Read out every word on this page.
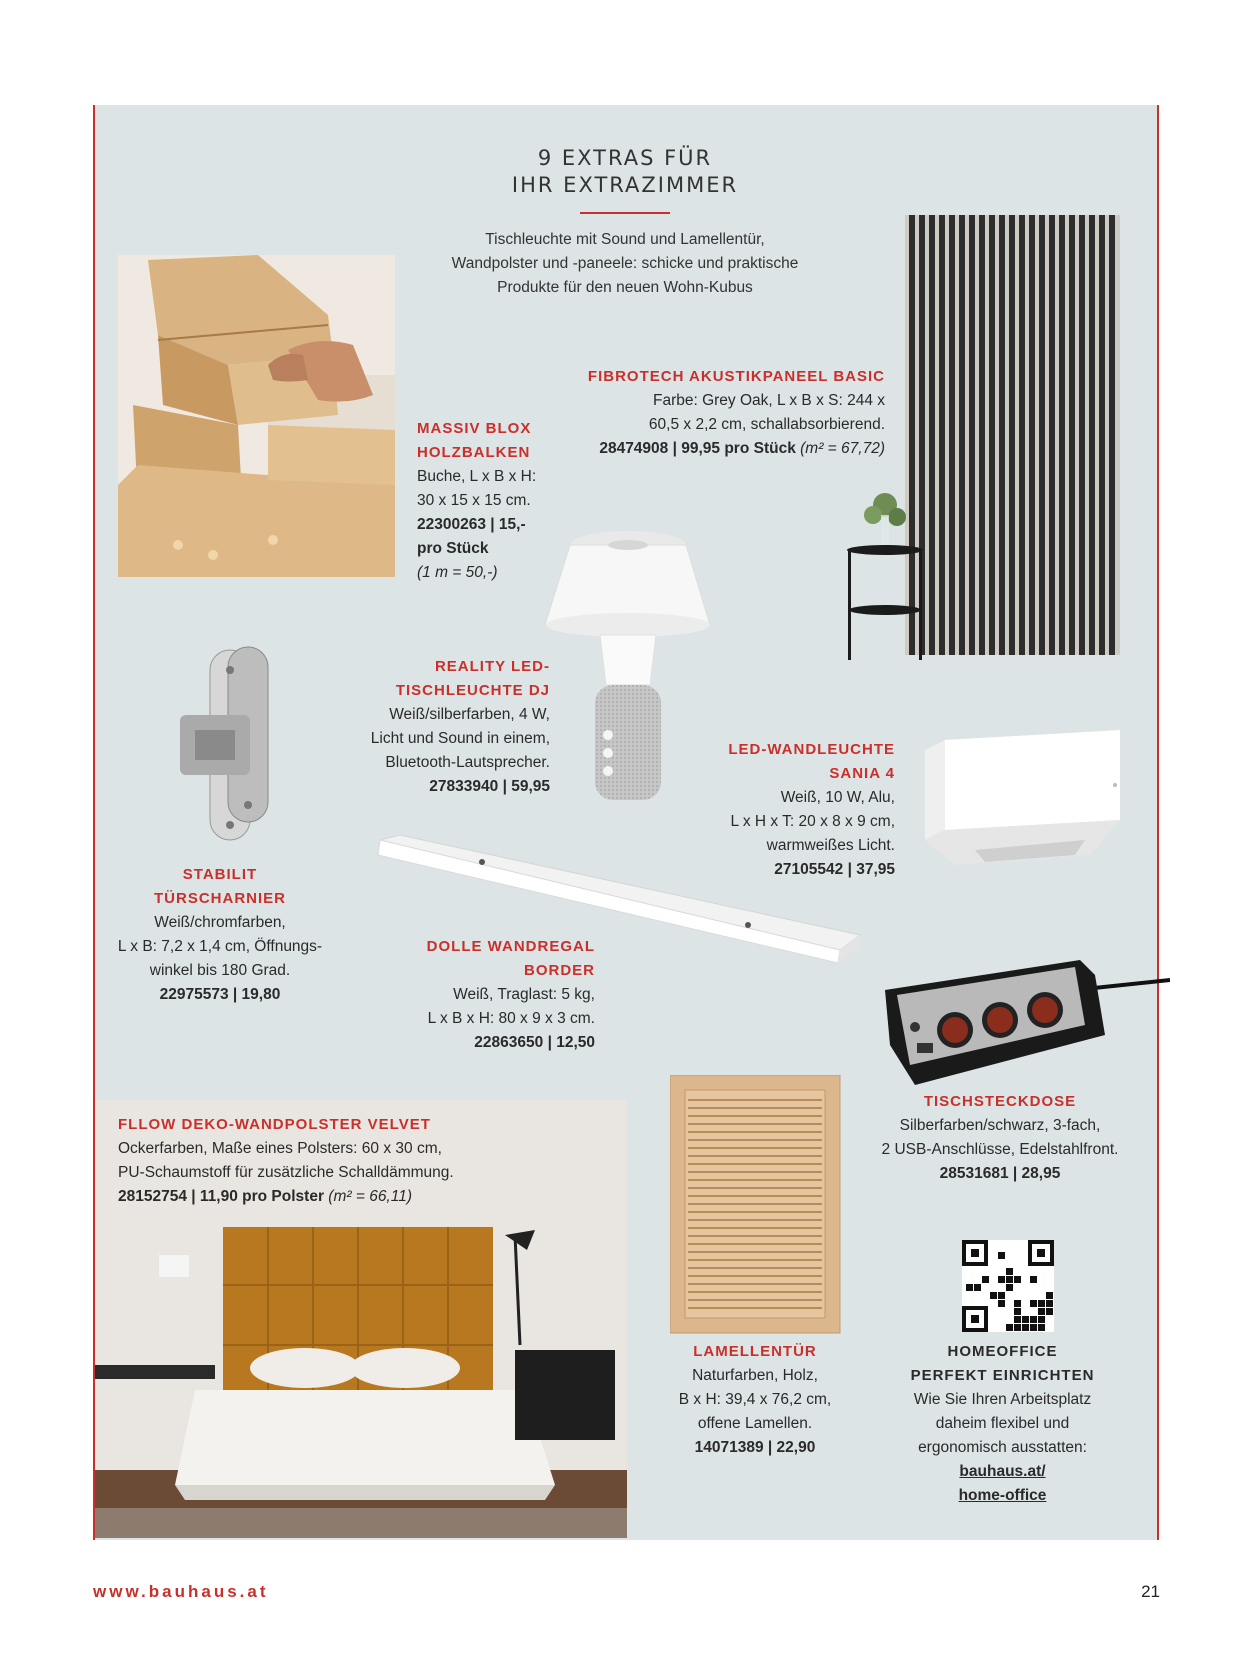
9 EXTRAS FÜR
IHR EXTRAZIMMER
Tischleuchte mit Sound und Lamellentür,
Wandpolster und -paneele: schicke und praktische
Produkte für den neuen Wohn-Kubus
MASSIV BLOX
HOLZBALKEN
Buche, L x B x H:
30 x 15 x 15 cm.
22300263 | 15,-
pro Stück
(1 m = 50,-)
FIBROTECH AKUSTIKPANEEL BASIC
Farbe: Grey Oak, L x B x S: 244 x
60,5 x 2,2 cm, schallabsorbierend.
28474908 | 99,95 pro Stück (m² = 67,72)
REALITY LED-
TISCHLEUCHTE DJ
Weiß/silberfarben, 4 W,
Licht und Sound in einem,
Bluetooth-Lautsprecher.
27833940 | 59,95
LED-WANDLEUCHTE
SANIA 4
Weiß, 10 W, Alu,
L x H x T: 20 x 8 x 9 cm,
warmweißes Licht.
27105542 | 37,95
STABILIT
TÜRSCHARNIER
Weiß/chromfarben,
L x B: 7,2 x 1,4 cm, Öffnungs-
winkel bis 180 Grad.
22975573 | 19,80
DOLLE WANDREGAL
BORDER
Weiß, Traglast: 5 kg,
L x B x H: 80 x 9 x 3 cm.
22863650 | 12,50
FLLOW DEKO-WANDPOLSTER VELVET
Ockerfarben, Maße eines Polsters: 60 x 30 cm,
PU-Schaumstoff für zusätzliche Schalldämmung.
28152754 | 11,90 pro Polster (m² = 66,11)
TISCHSTECKDOSE
Silberfarben/schwarz, 3-fach,
2 USB-Anschlüsse, Edelstahlfront.
28531681 | 28,95
LAMELLENTÜR
Naturfarben, Holz,
B x H: 39,4 x 76,2 cm,
offene Lamellen.
14071389 | 22,90
HOMEOFFICE
PERFEKT EINRICHTEN
Wie Sie Ihren Arbeitsplatz
daheim flexibel und
ergonomisch ausstatten:
bauhaus.at/
home-office
www.bauhaus.at	21
